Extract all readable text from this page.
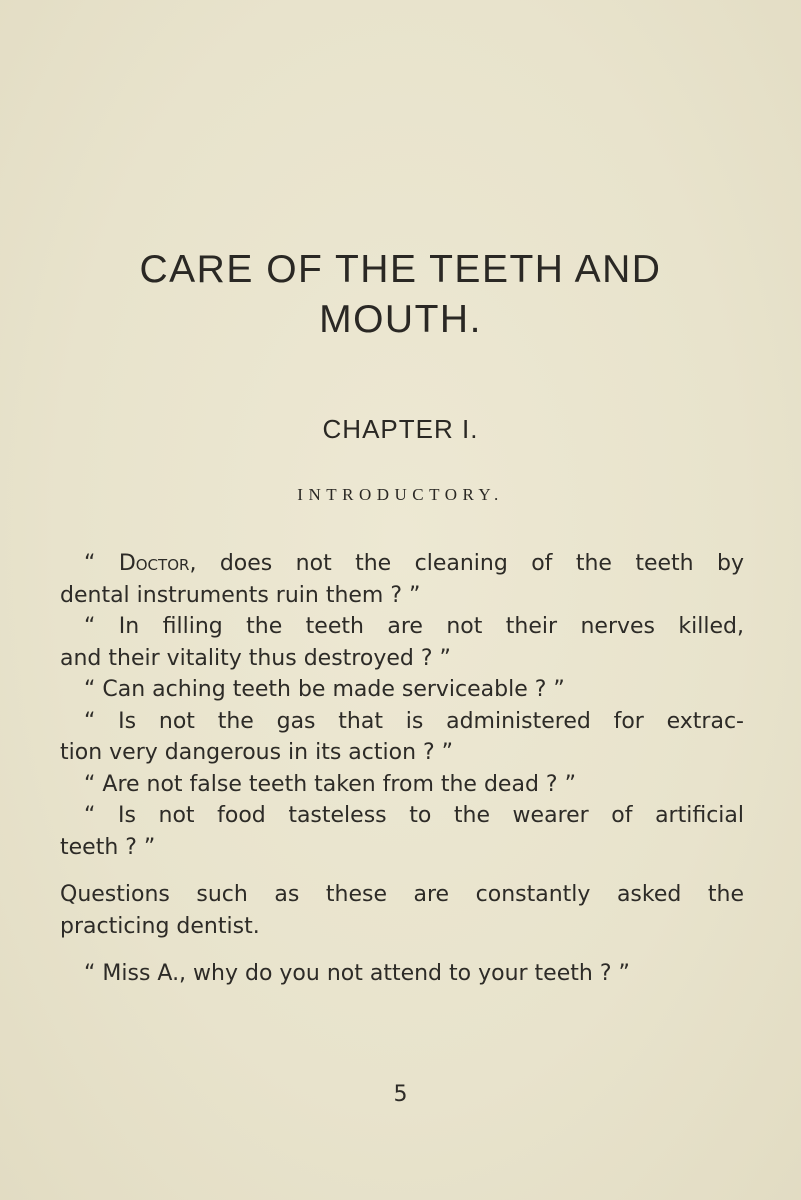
CARE OF THE TEETH AND
MOUTH.
CHAPTER I.
INTRODUCTORY.
“ Doctor, does not the cleaning of the teeth by
dental instruments ruin them ? ”
“ In filling the teeth are not their nerves killed,
and their vitality thus destroyed ? ”
“ Can aching teeth be made serviceable ? ”
“ Is not the gas that is administered for extrac-
tion very dangerous in its action ? ”
“ Are not false teeth taken from the dead ? ”
“ Is not food tasteless to the wearer of artificial
teeth ? ”
Questions such as these are constantly asked the
practicing dentist.
“ Miss A., why do you not attend to your teeth ? ”
5
